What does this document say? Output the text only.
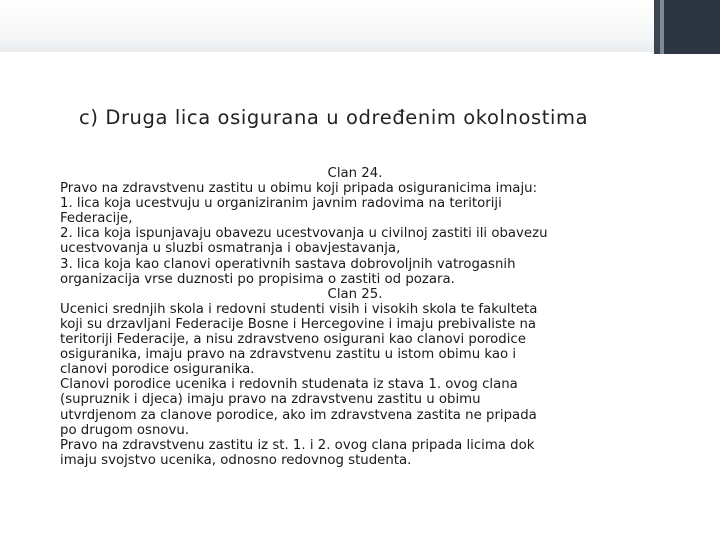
c) Druga lica osigurana u određenim okolnostima
Clan 24.
Pravo na zdravstvenu zastitu u obimu koji pripada osiguranicima imaju:
1. lica koja ucestvuju u organiziranim javnim radovima na teritoriji
Federacije,
2. lica koja ispunjavaju obavezu ucestvovanja u civilnoj zastiti ili obavezu
ucestvovanja u sluzbi osmatranja i obavjestavanja,
3. lica koja kao clanovi operativnih sastava dobrovoljnih vatrogasnih
organizacija vrse duznosti po propisima o zastiti od pozara.
Clan 25.
Ucenici srednjih skola i redovni studenti visih i visokih skola te fakulteta
koji su drzavljani Federacije Bosne i Hercegovine i imaju prebivaliste na
teritoriji Federacije, a nisu zdravstveno osigurani kao clanovi porodice
osiguranika, imaju pravo na zdravstvenu zastitu u istom obimu kao i
clanovi porodice osiguranika.
Clanovi porodice ucenika i redovnih studenata iz stava 1. ovog clana
(supruznik i djeca) imaju pravo na zdravstvenu zastitu u obimu
utvrdjenom za clanove porodice, ako im zdravstvena zastita ne pripada
po drugom osnovu.
Pravo na zdravstvenu zastitu iz st. 1. i 2. ovog clana pripada licima dok
imaju svojstvo ucenika, odnosno redovnog studenta.
